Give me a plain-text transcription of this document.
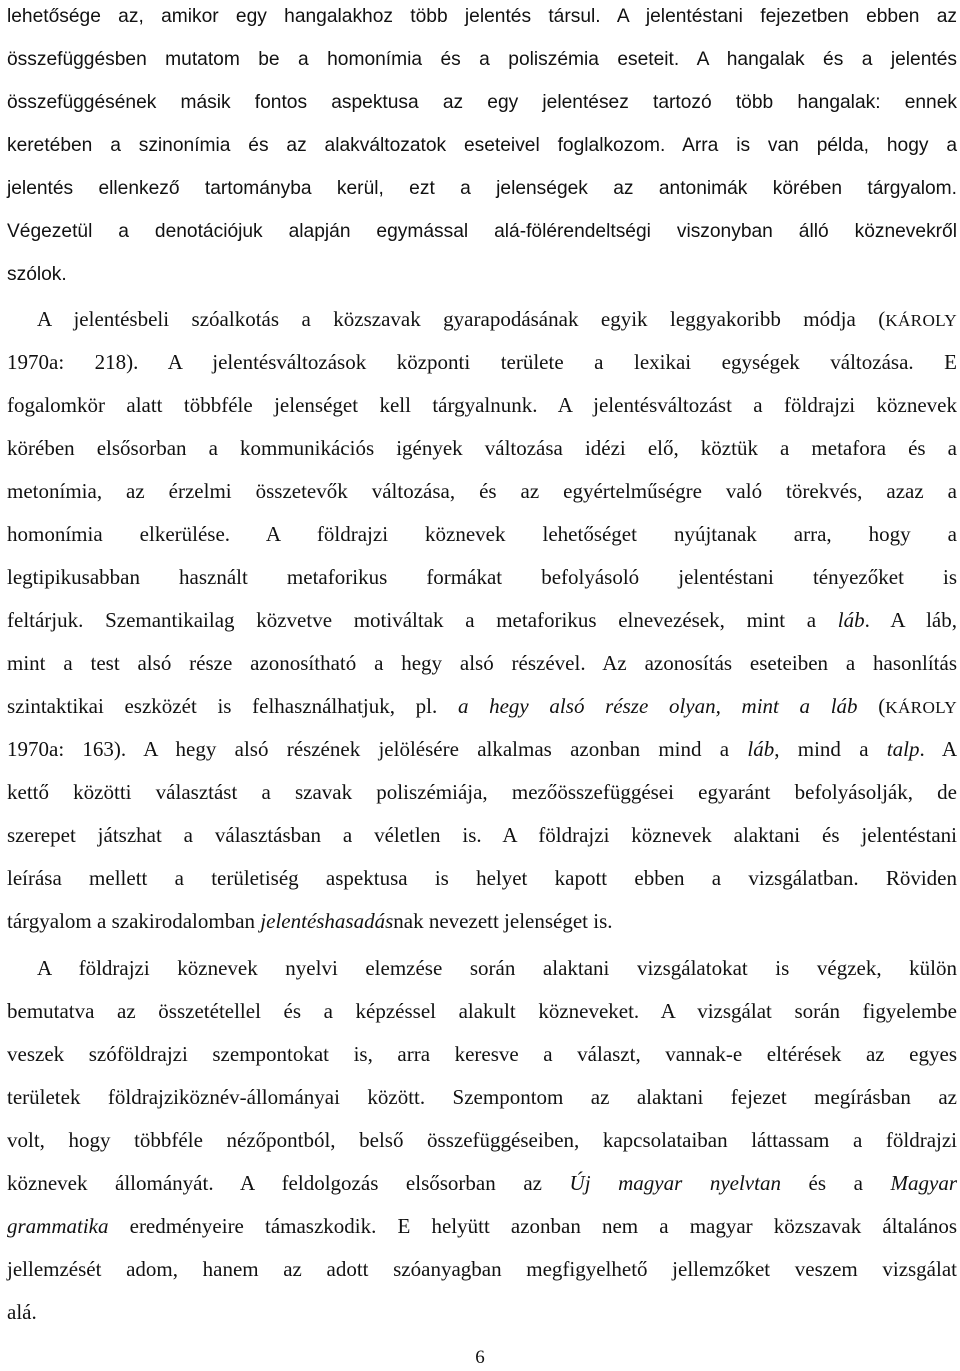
lehetősége az, amikor egy hangalakhoz több jelentés társul. A jelentéstani fejezetben ebben az
összefüggésben mutatom be a homonímia és a poliszémia eseteit. A hangalak és a jelentés
összefüggésének másik fontos aspektusa az egy jelentésez tartozó több hangalak: ennek
keretében a szinonímia és az alakváltozatok eseteivel foglalkozom. Arra is van példa, hogy a
jelentés ellenkező tartományba kerül, ezt a jelenségek az antonimák körében tárgyalom.
Végezetül a denotációjuk alapján egymással alá-fölérendeltségi viszonyban álló köznevekről
szólok.
A jelentésbeli szóalkotás a közszavak gyarapodásának egyik leggyakoribb módja (KÁROLY
1970a: 218). A jelentésváltozások központi területe a lexikai egységek változása. E
fogalomkör alatt többféle jelenséget kell tárgyalnunk. A jelentésváltozást a földrajzi köznevek
körében elsősorban a kommunikációs igények változása idézi elő, köztük a metafora és a
metonímia, az érzelmi összetevők változása, és az egyértelműségre való törekvés, azaz a
homonímia elkerülése. A földrajzi köznevek lehetőséget nyújtanak arra, hogy a
legtipikusabban használt metaforikus formákat befolyásoló jelentéstani tényezőket is
feltárjuk. Szemantikailag közvetve motiváltak a metaforikus elnevezések, mint a láb. A láb,
mint a test alsó része azonosítható a hegy alsó részével. Az azonosítás eseteiben a hasonlítás
szintaktikai eszközét is felhasználhatjuk, pl. a hegy alsó része olyan, mint a láb (KÁROLY
1970a: 163). A hegy alsó részének jelölésére alkalmas azonban mind a láb, mind a talp. A
kettő közötti választást a szavak poliszémiája, mezőösszefüggései egyaránt befolyásolják, de
szerepet játszhat a választásban a véletlen is. A földrajzi köznevek alaktani és jelentéstani
leírása mellett a területiség aspektusa is helyet kapott ebben a vizsgálatban. Röviden
tárgyalom a szakirodalomban jelentéshasadásnak nevezett jelenséget is.
A földrajzi köznevek nyelvi elemzése során alaktani vizsgálatokat is végzek, külön
bemutatva az összetétellel és a képzéssel alakult közneveket. A vizsgálat során figyelembe
veszek szóföldrajzi szempontokat is, arra keresve a választ, vannak-e eltérések az egyes
területek földrajziköznév-állományai között. Szempontom az alaktani fejezet megírásban az
volt, hogy többféle nézőpontból, belső összefüggéseiben, kapcsolataiban láttassam a földrajzi
köznevek állományát. A feldolgozás elsősorban az Új magyar nyelvtan és a Magyar
grammatika eredményeire támaszkodik. E helyütt azonban nem a magyar közszavak általános
jellemzését adom, hanem az adott szóanyagban megfigyelhető jellemzőket veszem vizsgálat
alá.
6
